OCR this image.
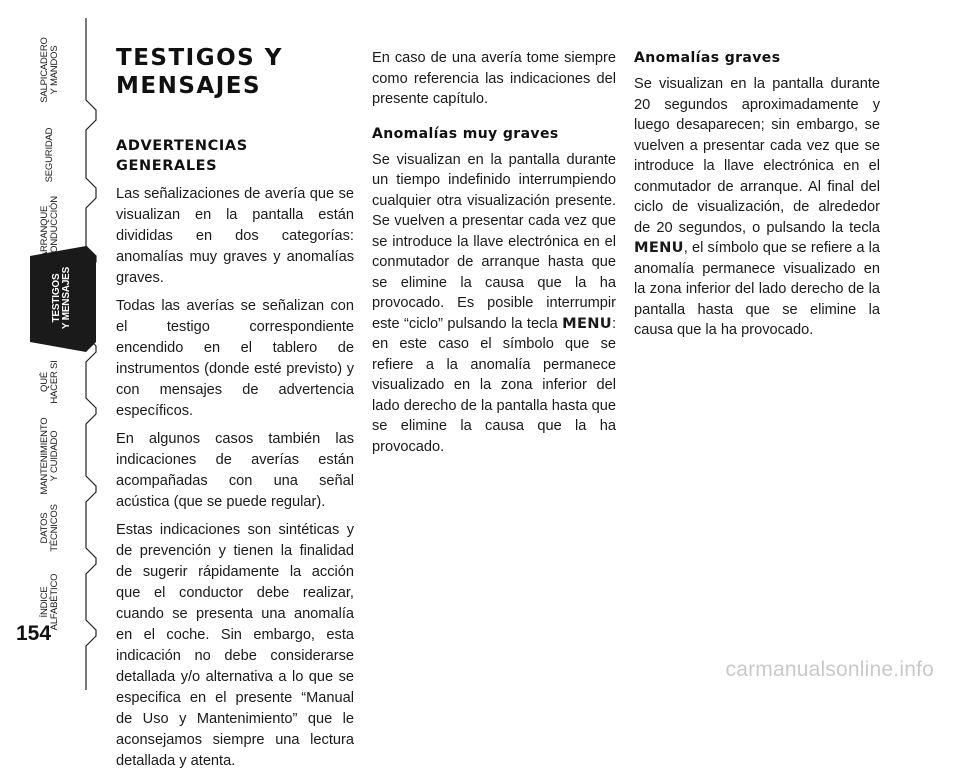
SALPICADERO Y MANDOS
SEGURIDAD
ARRANQUE Y CONDUCCIÓN
TESTIGOS Y MENSAJES
QUÉ HACER SI
MANTENIMIENTO Y CUIDADO
DATOS TÉCNICOS
ÍNDICE ALFABÉTICO
154
TESTIGOS Y
MENSAJES
ADVERTENCIAS GENERALES

Las señalizaciones de avería que se visualizan en la pantalla están divididas en dos categorías: anomalías muy graves y anomalías graves.

Todas las averías se señalizan con el testigo correspondiente encendido en el tablero de instrumentos (donde esté previsto) y con mensajes de advertencia específicos.

En algunos casos también las indicaciones de averías están acompañadas con una señal acústica (que se puede regular).

Estas indicaciones son sintéticas y de prevención y tienen la finalidad de sugerir rápidamente la acción que el conductor debe realizar, cuando se presenta una anomalía en el coche. Sin embargo, esta indicación no debe considerarse detallada y/o alternativa a lo que se especifica en el presente “Manual de Uso y Mantenimiento” que le aconsejamos siempre una lectura detallada y atenta.

En caso de una avería tome siempre como referencia las indicaciones del presente capítulo.

Anomalías muy graves

Se visualizan en la pantalla durante un tiempo indefinido interrumpiendo cualquier otra visualización presente. Se vuelven a presentar cada vez que se introduce la llave electrónica en el conmutador de arranque hasta que se elimine la causa que la ha provocado. Es posible interrumpir este “ciclo” pulsando la tecla MENU: en este caso el símbolo que se refiere a la anomalía permanece visualizado en la zona inferior del lado derecho de la pantalla hasta que se elimine la causa que la ha provocado.

Anomalías graves

Se visualizan en la pantalla durante 20 segundos aproximadamente y luego desaparecen; sin embargo, se vuelven a presentar cada vez que se introduce la llave electrónica en el conmutador de arranque. Al final del ciclo de visualización, de alrededor de 20 segundos, o pulsando la tecla MENU, el símbolo que se refiere a la anomalía permanece visualizado en la zona inferior del lado derecho de la pantalla hasta que se elimine la causa que la ha provocado.

carmanualsonline.info
